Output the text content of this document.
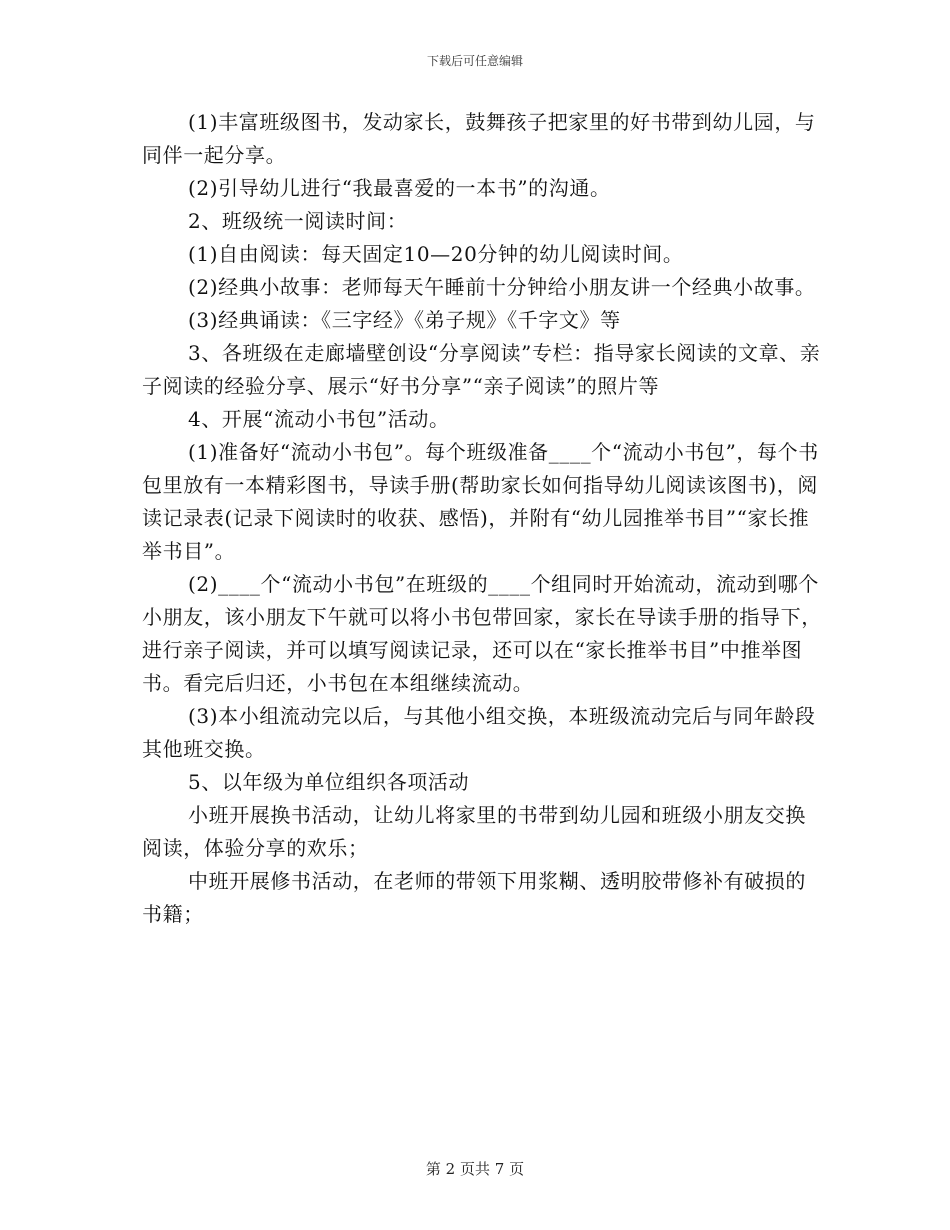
下载后可任意编辑

(1)丰富班级图书，发动家长，鼓舞孩子把家里的好书带到幼儿园，与同伴一起分享。

(2)引导幼儿进行“我最喜爱的一本书”的沟通。

2、班级统一阅读时间：

(1)自由阅读：每天固定10—20分钟的幼儿阅读时间。

(2)经典小故事：老师每天午睡前十分钟给小朋友讲一个经典小故事。

(3)经典诵读：《三字经》《弟子规》《千字文》等

3、各班级在走廊墙壁创设“分享阅读”专栏：指导家长阅读的文章、亲子阅读的经验分享、展示“好书分享”“亲子阅读”的照片等

4、开展“流动小书包”活动。

(1)准备好“流动小书包”。每个班级准备____个“流动小书包”，每个书包里放有一本精彩图书，导读手册(帮助家长如何指导幼儿阅读该图书)，阅读记录表(记录下阅读时的收获、感悟)，并附有“幼儿园推举书目”“家长推举书目”。

(2)____个“流动小书包”在班级的____个组同时开始流动，流动到哪个小朋友，该小朋友下午就可以将小书包带回家，家长在导读手册的指导下，进行亲子阅读，并可以填写阅读记录，还可以在“家长推举书目”中推举图书。看完后归还，小书包在本组继续流动。

(3)本小组流动完以后，与其他小组交换，本班级流动完后与同年龄段其他班交换。

5、以年级为单位组织各项活动

小班开展换书活动，让幼儿将家里的书带到幼儿园和班级小朋友交换阅读，体验分享的欢乐；

中班开展修书活动，在老师的带领下用浆糊、透明胶带修补有破损的书籍；

第 2 页共 7 页
